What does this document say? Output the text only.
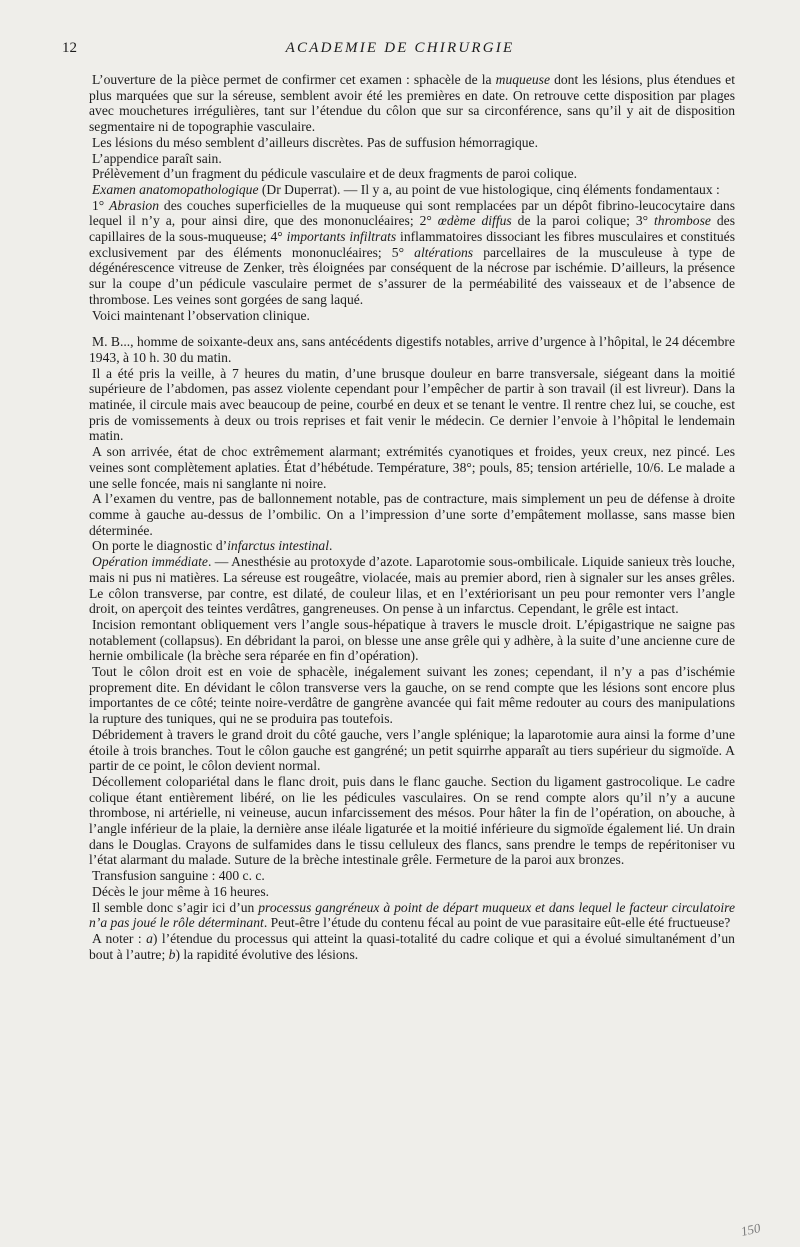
12	ACADEMIE DE CHIRURGIE

L’ouverture de la pièce permet de confirmer cet examen : sphacèle de la muqueuse dont les lésions, plus étendues et plus marquées que sur la séreuse, semblent avoir été les premières en date. On retrouve cette disposition par plages avec mouchetures irrégulières, tant sur l’étendue du côlon que sur sa circonférence, sans qu’il y ait de disposition segmentaire ni de topographie vasculaire.

Les lésions du méso semblent d’ailleurs discrètes. Pas de suffusion hémorragique.

L’appendice paraît sain.

Prélèvement d’un fragment du pédicule vasculaire et de deux fragments de paroi colique.

Examen anatomopathologique (Dr Duperrat). — Il y a, au point de vue histologique, cinq éléments fondamentaux :

1° Abrasion des couches superficielles de la muqueuse qui sont remplacées par un dépôt fibrino-leucocytaire dans lequel il n’y a, pour ainsi dire, que des mononucléaires; 2° œdème diffus de la paroi colique; 3° thrombose des capillaires de la sous-muqueuse; 4° importants infiltrats inflammatoires dissociant les fibres musculaires et constitués exclusivement par des éléments mononucléaires; 5° altérations parcellaires de la musculeuse à type de dégénérescence vitreuse de Zenker, très éloignées par conséquent de la nécrose par ischémie. D’ailleurs, la présence sur la coupe d’un pédicule vasculaire permet de s’assurer de la perméabilité des vaisseaux et de l’absence de thrombose. Les veines sont gorgées de sang laqué.

Voici maintenant l’observation clinique.

M. B..., homme de soixante-deux ans, sans antécédents digestifs notables, arrive d’urgence à l’hôpital, le 24 décembre 1943, à 10 h. 30 du matin.

Il a été pris la veille, à 7 heures du matin, d’une brusque douleur en barre transversale, siégeant dans la moitié supérieure de l’abdomen, pas assez violente cependant pour l’empêcher de partir à son travail (il est livreur). Dans la matinée, il circule mais avec beaucoup de peine, courbé en deux et se tenant le ventre. Il rentre chez lui, se couche, est pris de vomissements à deux ou trois reprises et fait venir le médecin. Ce dernier l’envoie à l’hôpital le lendemain matin.

A son arrivée, état de choc extrêmement alarmant; extrémités cyanotiques et froides, yeux creux, nez pincé. Les veines sont complètement aplaties. État d’hébétude. Température, 38°; pouls, 85; tension artérielle, 10/6. Le malade a une selle foncée, mais ni sanglante ni noire.

A l’examen du ventre, pas de ballonnement notable, pas de contracture, mais simplement un peu de défense à droite comme à gauche au-dessus de l’ombilic. On a l’impression d’une sorte d’empâtement mollasse, sans masse bien déterminée.

On porte le diagnostic d’infarctus intestinal.

Opération immédiate. — Anesthésie au protoxyde d’azote. Laparotomie sous-ombilicale. Liquide sanieux très louche, mais ni pus ni matières. La séreuse est rougeâtre, violacée, mais au premier abord, rien à signaler sur les anses grêles. Le côlon transverse, par contre, est dilaté, de couleur lilas, et en l’extériorisant un peu pour remonter vers l’angle droit, on aperçoit des teintes verdâtres, gangreneuses. On pense à un infarctus. Cependant, le grêle est intact.

Incision remontant obliquement vers l’angle sous-hépatique à travers le muscle droit. L’épigastrique ne saigne pas notablement (collapsus). En débridant la paroi, on blesse une anse grêle qui y adhère, à la suite d’une ancienne cure de hernie ombilicale (la brèche sera réparée en fin d’opération).

Tout le côlon droit est en voie de sphacèle, inégalement suivant les zones; cependant, il n’y a pas d’ischémie proprement dite. En dévidant le côlon transverse vers la gauche, on se rend compte que les lésions sont encore plus importantes de ce côté; teinte noire-verdâtre de gangrène avancée qui fait même redouter au cours des manipulations la rupture des tuniques, qui ne se produira pas toutefois.

Débridement à travers le grand droit du côté gauche, vers l’angle splénique; la laparotomie aura ainsi la forme d’une étoile à trois branches. Tout le côlon gauche est gangréné; un petit squirrhe apparaît au tiers supérieur du sigmoïde. A partir de ce point, le côlon devient normal.

Décollement colopariétal dans le flanc droit, puis dans le flanc gauche. Section du ligament gastrocolique. Le cadre colique étant entièrement libéré, on lie les pédicules vasculaires. On se rend compte alors qu’il n’y a aucune thrombose, ni artérielle, ni veineuse, aucun infarcissement des mésos. Pour hâter la fin de l’opération, on abouche, à l’angle inférieur de la plaie, la dernière anse iléale ligaturée et la moitié inférieure du sigmoïde également lié. Un drain dans le Douglas. Crayons de sulfamides dans le tissu celluleux des flancs, sans prendre le temps de repéritoniser vu l’état alarmant du malade. Suture de la brèche intestinale grêle. Fermeture de la paroi aux bronzes.

Transfusion sanguine : 400 c. c.

Décès le jour même à 16 heures.

Il semble donc s’agir ici d’un processus gangréneux à point de départ muqueux et dans lequel le facteur circulatoire n’a pas joué le rôle déterminant. Peut-être l’étude du contenu fécal au point de vue parasitaire eût-elle été fructueuse?

A noter : a) l’étendue du processus qui atteint la quasi-totalité du cadre colique et qui a évolué simultanément d’un bout à l’autre; b) la rapidité évolutive des lésions.

150
